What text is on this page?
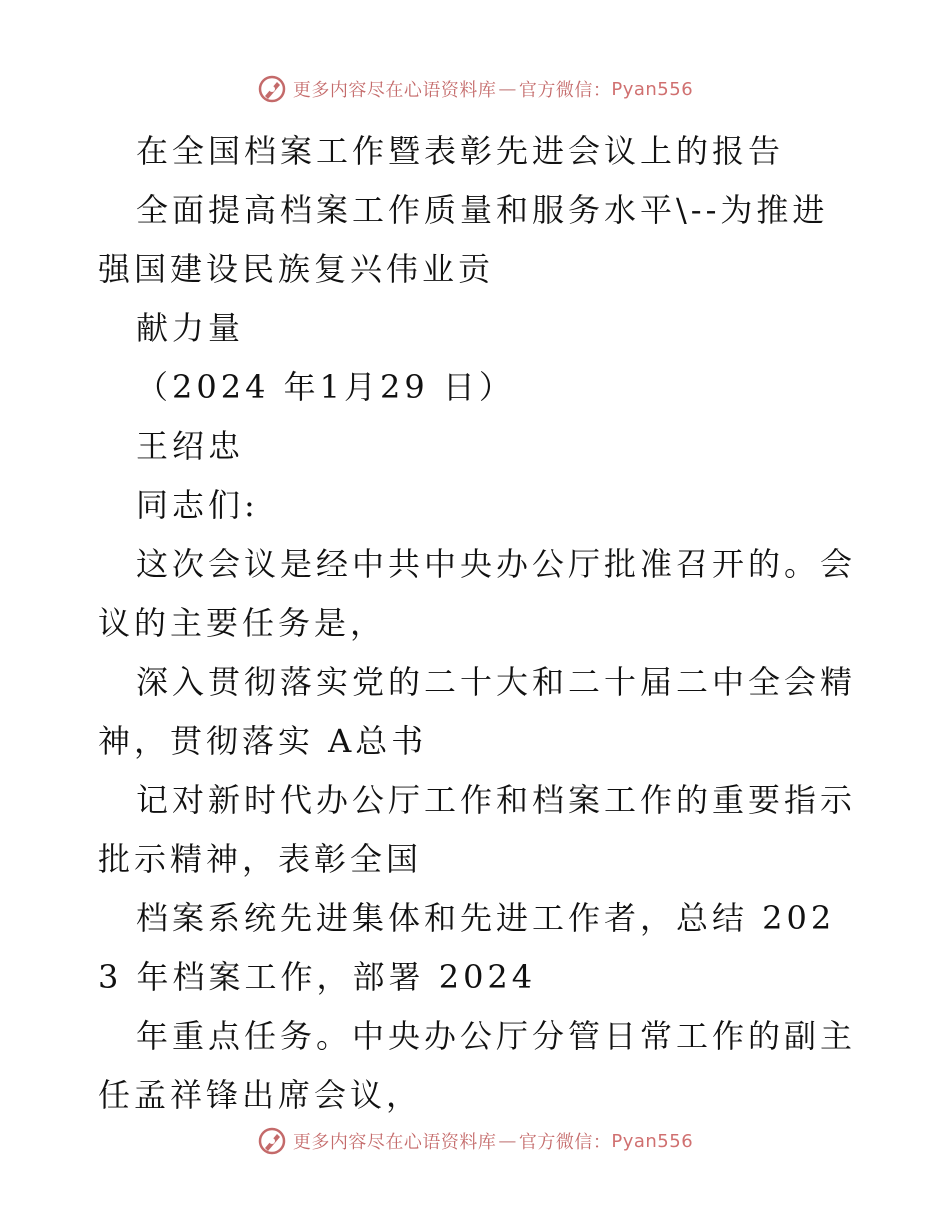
更多内容尽在心语资料库 — 官方微信： Pyan556

在全国档案工作暨表彰先进会议上的报告

全面提高档案工作质量和服务水平\--为推进强国建设民族复兴伟业贡

献力量

（2024 年1月29 日）

王绍忠

同志们:

这次会议是经中共中央办公厅批准召开的。会议的主要任务是，

深入贯彻落实党的二十大和二十届二中全会精神，贯彻落实 A总书

记对新时代办公厅工作和档案工作的重要指示批示精神，表彰全国

档案系统先进集体和先进工作者，总结 2023 年档案工作，部署 2024

年重点任务。中央办公厅分管日常工作的副主任孟祥锋出席会议，

更多内容尽在心语资料库 — 官方微信： Pyan556
